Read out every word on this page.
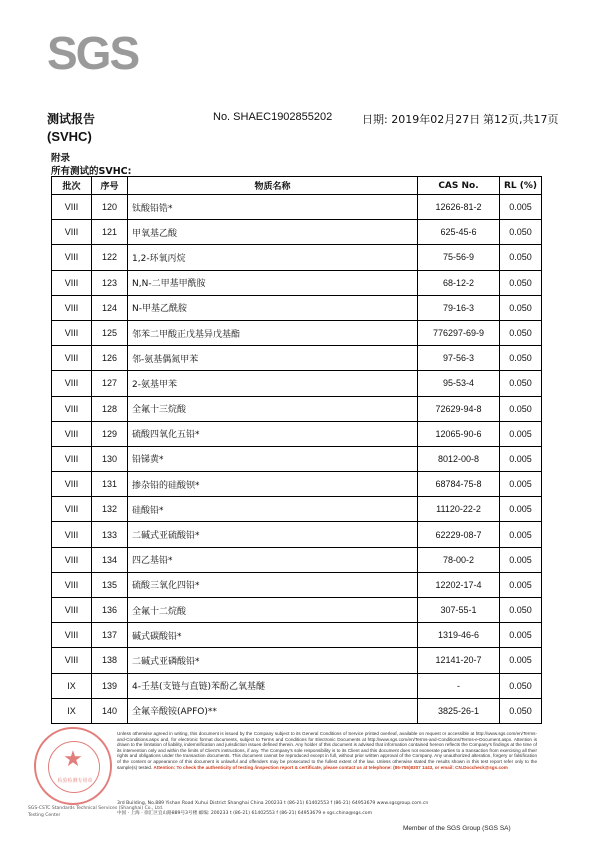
SGS
测试报告	No. SHAEC1902855202	日期: 2019年02月27日 第12页,共17页
(SVHC)
附录
所有测试的SVHC:
批次	序号	物质名称	CAS No.	RL (%)
VIII	120	钛酸铅锆*	12626-81-2	0.005
VIII	121	甲氧基乙酸	625-45-6	0.050
VIII	122	1,2-环氧丙烷	75-56-9	0.050
VIII	123	N,N-二甲基甲酰胺	68-12-2	0.050
VIII	124	N-甲基乙酰胺	79-16-3	0.050
VIII	125	邻苯二甲酸正戊基异戊基酯	776297-69-9	0.050
VIII	126	邻-氨基偶氮甲苯	97-56-3	0.050
VIII	127	2-氨基甲苯	95-53-4	0.050
VIII	128	全氟十三烷酸	72629-94-8	0.050
VIII	129	硫酸四氧化五铅*	12065-90-6	0.005
VIII	130	铅锑黄*	8012-00-8	0.005
VIII	131	掺杂铅的硅酸钡*	68784-75-8	0.005
VIII	132	硅酸铅*	11120-22-2	0.005
VIII	133	二碱式亚硫酸铅*	62229-08-7	0.005
VIII	134	四乙基铅*	78-00-2	0.005
VIII	135	硫酸三氧化四铅*	12202-17-4	0.005
VIII	136	全氟十二烷酸	307-55-1	0.050
VIII	137	碱式碳酸铅*	1319-46-6	0.005
VIII	138	二碱式亚磷酸铅*	12141-20-7	0.005
IX	139	4-壬基(支链与直链)苯酚乙氧基醚	-	0.050
IX	140	全氟辛酸铵(APFO)**	3825-26-1	0.050
★
检验检测专用章
SGS-CSTC Standards Technical Services (Shanghai) Co., Ltd.
Testing Center
Unless otherwise agreed in writing, this document is issued by the Company subject to its General Conditions of Service printed overleaf, available on request or accessible at http://www.sgs.com/en/Terms-and-Conditions.aspx and, for electronic format documents, subject to Terms and Conditions for Electronic Documents at http://www.sgs.com/en/Terms-and-Conditions/Terms-e-Document.aspx. Attention is drawn to the limitation of liability, indemnification and jurisdiction issues defined therein. Any holder of this document is advised that information contained hereon reflects the Company's findings at the time of its intervention only and within the limits of Client's instructions, if any. The Company's sole responsibility is to its Client and this document does not exonerate parties to a transaction from exercising all their rights and obligations under the transaction documents. This document cannot be reproduced except in full, without prior written approval of the Company. Any unauthorized alteration, forgery or falsification of the content or appearance of this document is unlawful and offenders may be prosecuted to the fullest extent of the law. Unless otherwise stated the results shown in this test report refer only to the sample(s) tested. Attention: To check the authenticity of testing /inspection report & certificate, please contact us at telephone: (86-755)8307 1443, or email: CN.Doccheck@sgs.com
3rd Building, No.889 Yishan Road Xuhui District Shanghai China 200233 t (86-21) 61402553 f (86-21) 64953679 www.sgsgroup.com.cn
中国 · 上海 · 徐汇区宜山路889号3号楼 邮编: 200233 t (86-21) 61402553 f (86-21) 64953679 e sgs.china@sgs.com
Member of the SGS Group (SGS SA)
